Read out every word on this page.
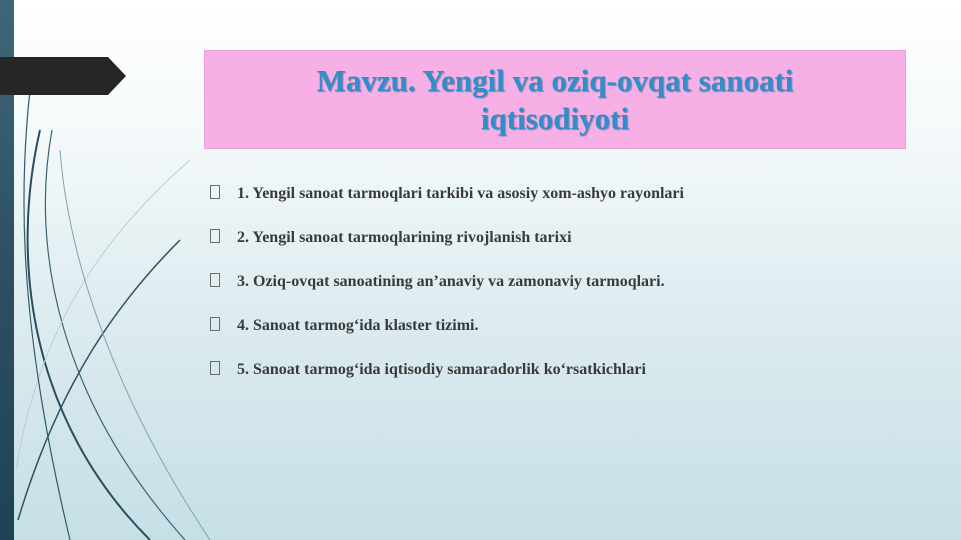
Mavzu. Yengil va oziq-ovqat sanoati iqtisodiyoti

1. Yengil sanoat tarmoqlari tarkibi va asosiy xom-ashyo rayonlari
2. Yengil sanoat tarmoqlarining rivojlanish tarixi
3. Oziq-ovqat sanoatining an’anaviy va zamonaviy tarmoqlari.
4. Sanoat tarmog‘ida klaster tizimi.
5. Sanoat tarmog‘ida iqtisodiy samaradorlik ko‘rsatkichlari
